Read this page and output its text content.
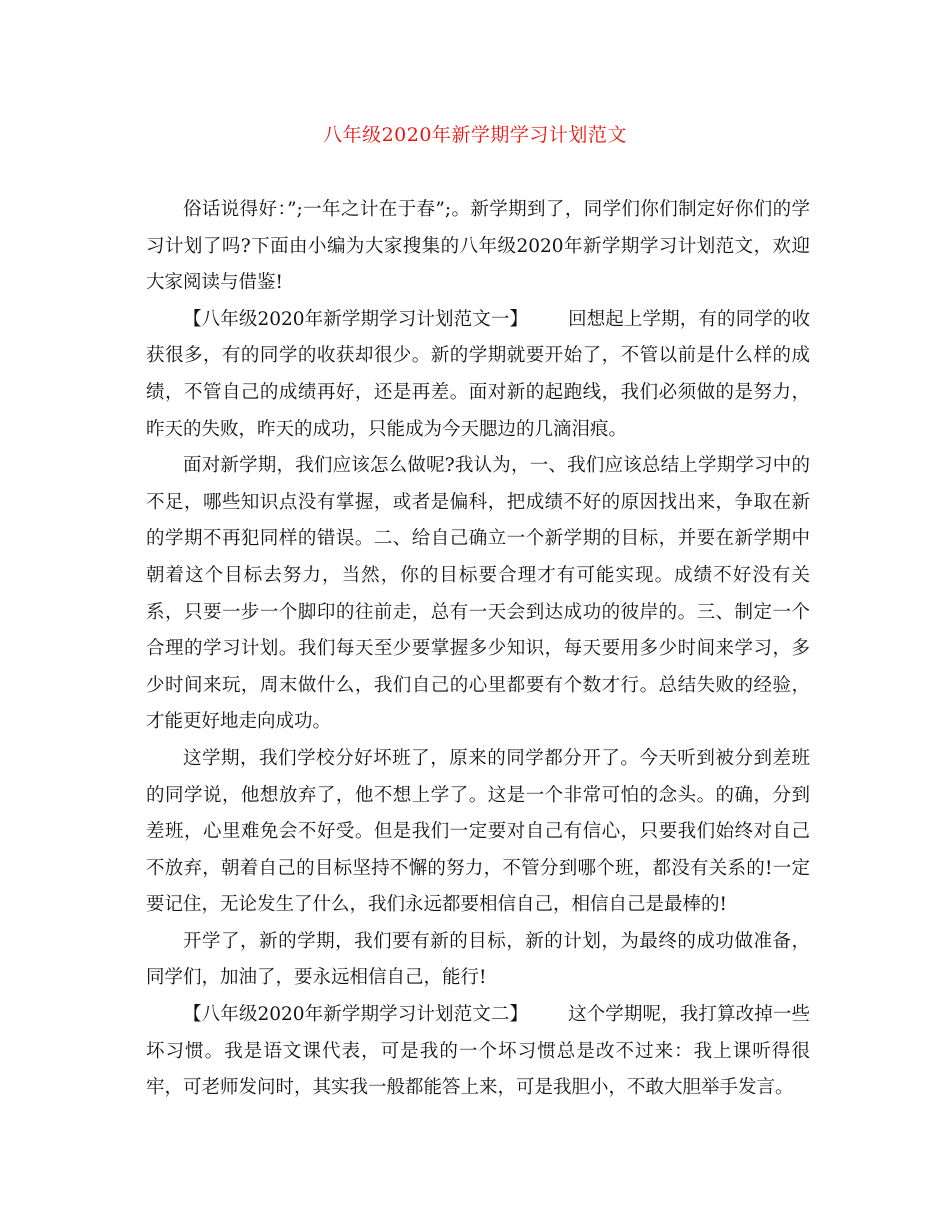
八年级2020年新学期学习计划范文

俗话说得好：”;一年之计在于春”;。新学期到了，同学们你们制定好你们的学习计划了吗?下面由小编为大家搜集的八年级2020年新学期学习计划范文，欢迎大家阅读与借鉴!

【八年级2020年新学期学习计划范文一】 回想起上学期，有的同学的收获很多，有的同学的收获却很少。新的学期就要开始了，不管以前是什么样的成绩，不管自己的成绩再好，还是再差。面对新的起跑线，我们必须做的是努力，昨天的失败，昨天的成功，只能成为今天腮边的几滴泪痕。

面对新学期，我们应该怎么做呢?我认为，一、我们应该总结上学期学习中的不足，哪些知识点没有掌握，或者是偏科，把成绩不好的原因找出来，争取在新的学期不再犯同样的错误。二、给自己确立一个新学期的目标，并要在新学期中朝着这个目标去努力，当然，你的目标要合理才有可能实现。成绩不好没有关系，只要一步一个脚印的往前走，总有一天会到达成功的彼岸的。三、制定一个合理的学习计划。我们每天至少要掌握多少知识，每天要用多少时间来学习，多少时间来玩，周末做什么，我们自己的心里都要有个数才行。总结失败的经验，才能更好地走向成功。

这学期，我们学校分好坏班了，原来的同学都分开了。今天听到被分到差班的同学说，他想放弃了，他不想上学了。这是一个非常可怕的念头。的确，分到差班，心里难免会不好受。但是我们一定要对自己有信心，只要我们始终对自己不放弃，朝着自己的目标坚持不懈的努力，不管分到哪个班，都没有关系的!一定要记住，无论发生了什么，我们永远都要相信自己，相信自己是最棒的!

开学了，新的学期，我们要有新的目标，新的计划，为最终的成功做准备，同学们，加油了，要永远相信自己，能行!

【八年级2020年新学期学习计划范文二】 这个学期呢，我打算改掉一些坏习惯。我是语文课代表，可是我的一个坏习惯总是改不过来：我上课听得很牢，可老师发问时，其实我一般都能答上来，可是我胆小，不敢大胆举手发言。
